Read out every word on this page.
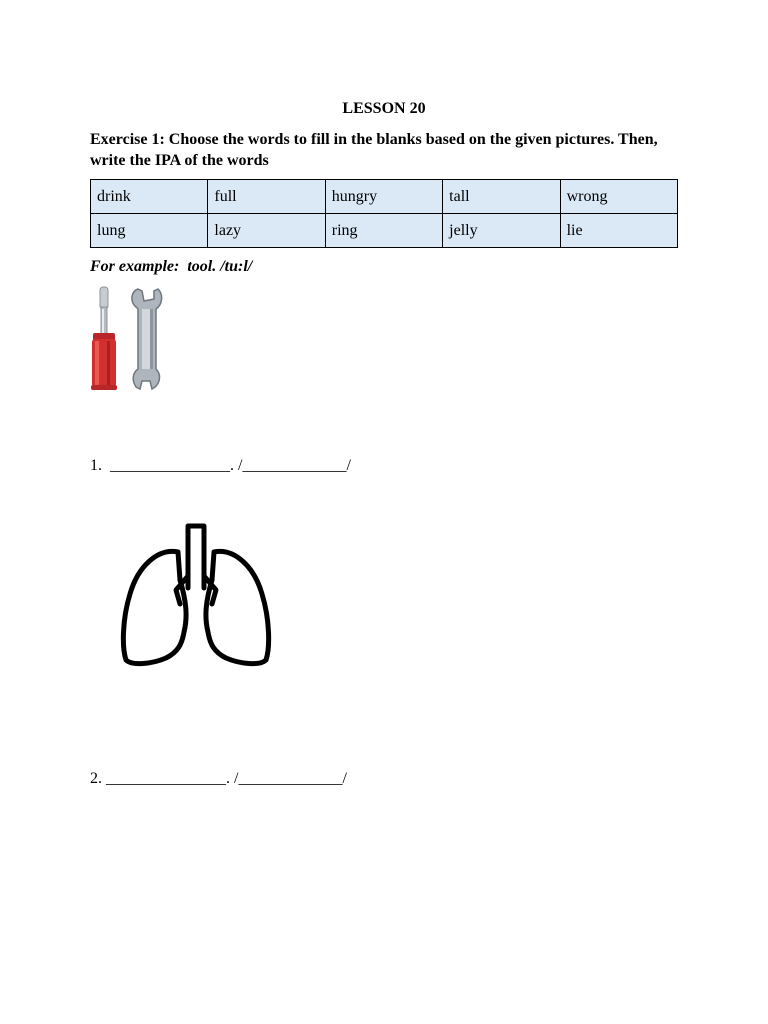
LESSON 20
Exercise 1: Choose the words to fill in the blanks based on the given pictures. Then, write the IPA of the words
drink	full	hungry	tall	wrong
lung	lazy	ring	jelly	lie
For example:  tool. /tu:l/
1.  _______________. /_____________/
2. _______________. /_____________/
